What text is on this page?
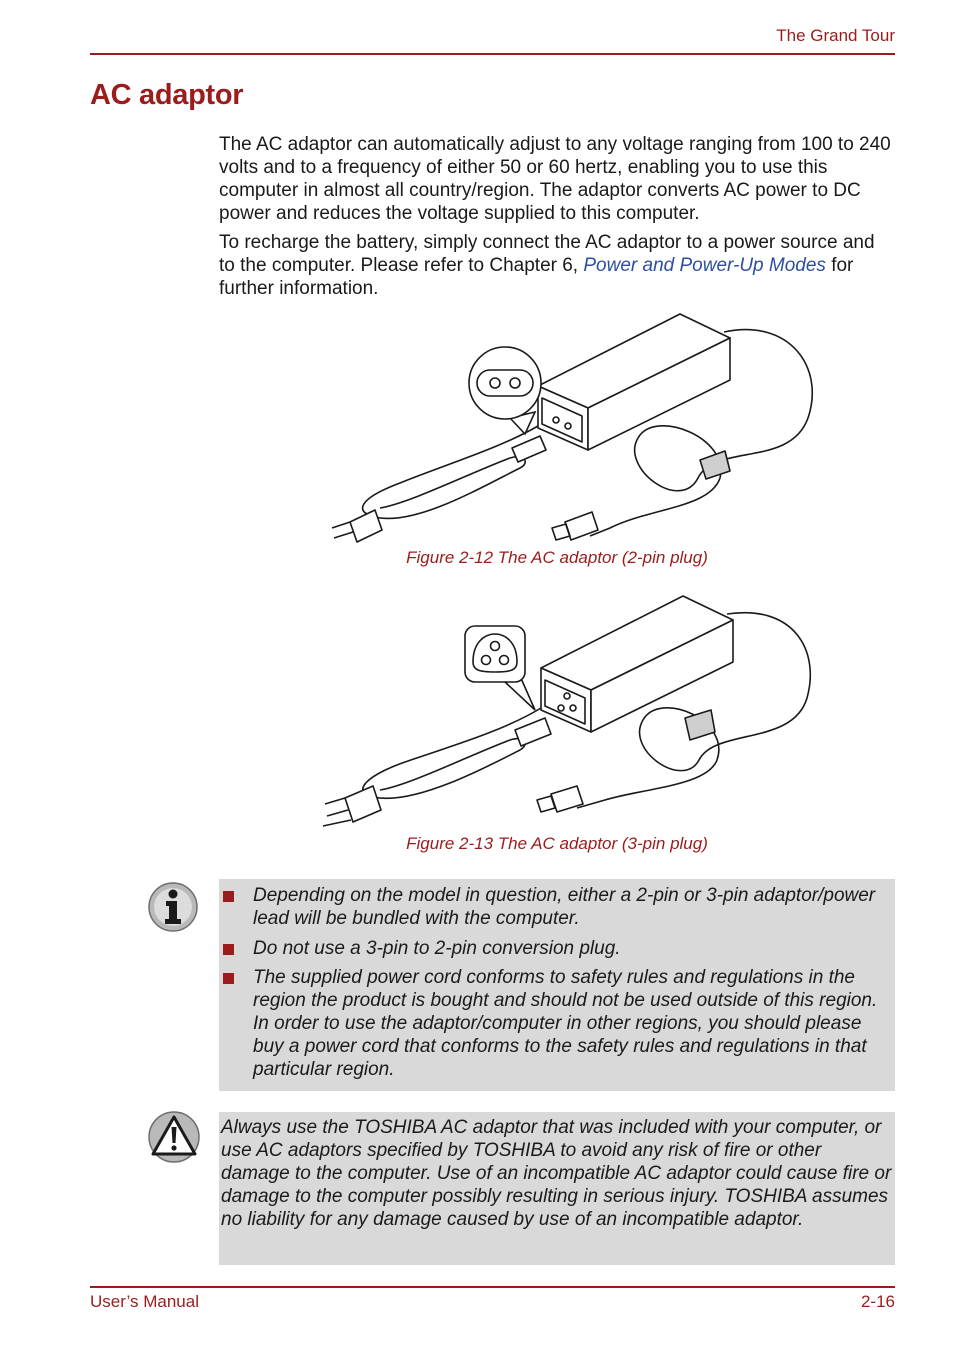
The Grand Tour
AC adaptor

The AC adaptor can automatically adjust to any voltage ranging from 100 to 240 volts and to a frequency of either 50 or 60 hertz, enabling you to use this computer in almost all country/region. The adaptor converts AC power to DC power and reduces the voltage supplied to this computer.

To recharge the battery, simply connect the AC adaptor to a power source and to the computer. Please refer to Chapter 6, Power and Power-Up Modes for further information.

Figure 2-12 The AC adaptor (2-pin plug)
Figure 2-13 The AC adaptor (3-pin plug)
Depending on the model in question, either a 2-pin or 3-pin adaptor/power lead will be bundled with the computer.
Do not use a 3-pin to 2-pin conversion plug.
The supplied power cord conforms to safety rules and regulations in the region the product is bought and should not be used outside of this region. In order to use the adaptor/computer in other regions, you should please buy a power cord that conforms to the safety rules and regulations in that particular region.
Always use the TOSHIBA AC adaptor that was included with your computer, or use AC adaptors specified by TOSHIBA to avoid any risk of fire or other damage to the computer. Use of an incompatible AC adaptor could cause fire or damage to the computer possibly resulting in serious injury. TOSHIBA assumes no liability for any damage caused by use of an incompatible adaptor.
User’s Manual	2-16
